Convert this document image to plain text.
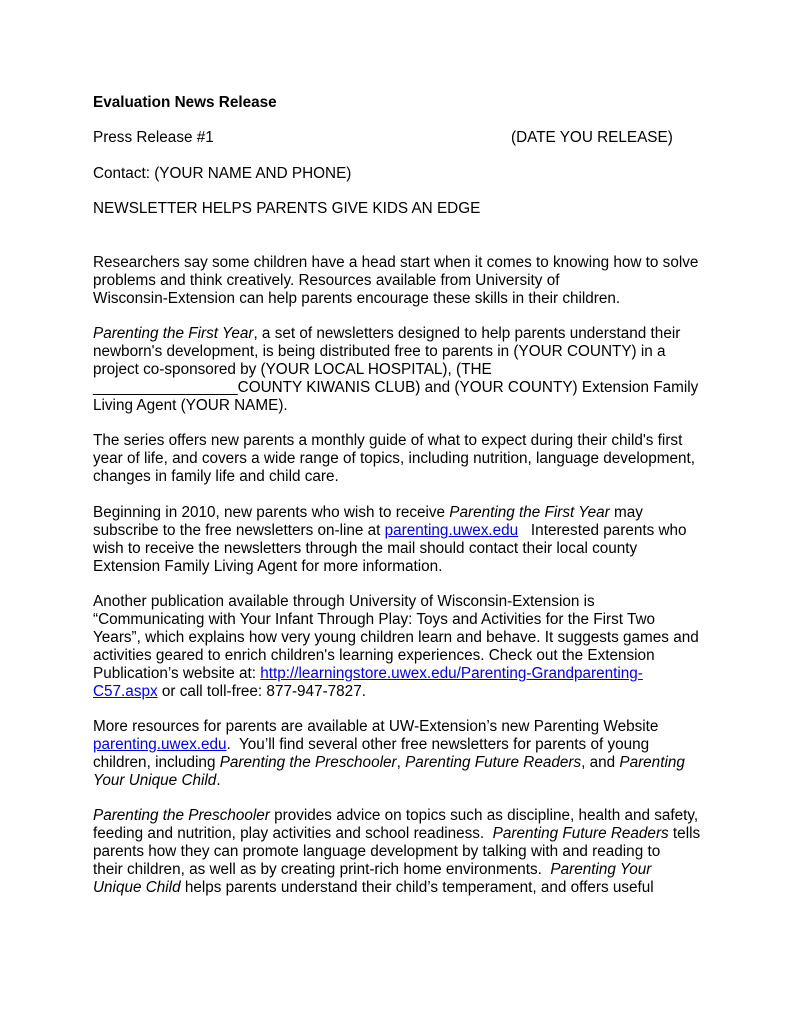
Evaluation News Release
Press Release #1	(DATE YOU RELEASE)
Contact: (YOUR NAME AND PHONE)
NEWSLETTER HELPS PARENTS GIVE KIDS AN EDGE
Researchers say some children have a head start when it comes to knowing how to solve
problems and think creatively. Resources available from University of
Wisconsin-Extension can help parents encourage these skills in their children.
Parenting the First Year, a set of newsletters designed to help parents understand their
newborn's development, is being distributed free to parents in (YOUR COUNTY) in a
project co-sponsored by (YOUR LOCAL HOSPITAL), (THE
_________________COUNTY KIWANIS CLUB) and (YOUR COUNTY) Extension Family
Living Agent (YOUR NAME).
The series offers new parents a monthly guide of what to expect during their child's first
year of life, and covers a wide range of topics, including nutrition, language development,
changes in family life and child care.
Beginning in 2010, new parents who wish to receive Parenting the First Year may
subscribe to the free newsletters on-line at parenting.uwex.edu   Interested parents who
wish to receive the newsletters through the mail should contact their local county
Extension Family Living Agent for more information.
Another publication available through University of Wisconsin-Extension is
“Communicating with Your Infant Through Play: Toys and Activities for the First Two
Years”, which explains how very young children learn and behave. It suggests games and
activities geared to enrich children's learning experiences. Check out the Extension
Publication’s website at: http://learningstore.uwex.edu/Parenting-Grandparenting-
C57.aspx or call toll-free: 877-947-7827.
More resources for parents are available at UW-Extension’s new Parenting Website
parenting.uwex.edu.  You’ll find several other free newsletters for parents of young
children, including Parenting the Preschooler, Parenting Future Readers, and Parenting
Your Unique Child.
Parenting the Preschooler provides advice on topics such as discipline, health and safety,
feeding and nutrition, play activities and school readiness.  Parenting Future Readers tells
parents how they can promote language development by talking with and reading to
their children, as well as by creating print-rich home environments.  Parenting Your
Unique Child helps parents understand their child’s temperament, and offers useful
